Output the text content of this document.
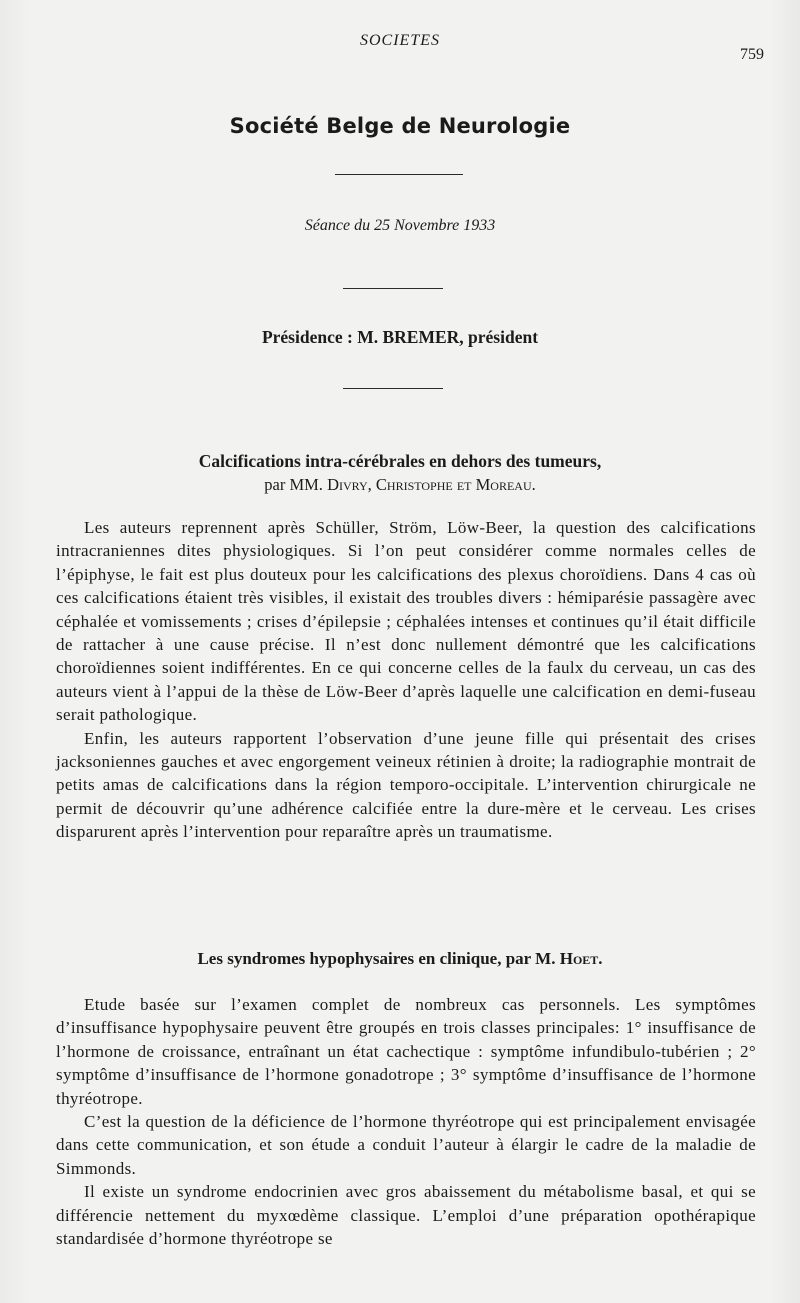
SOCIETES
759
Société Belge de Neurologie
Séance du 25 Novembre 1933
Présidence : M. BREMER, président
Calcifications intra-cérébrales en dehors des tumeurs,
par MM. Divry, Christophe et Moreau.

Les auteurs reprennent après Schüller, Ström, Löw-Beer, la question des calcifications intracraniennes dites physiologiques. Si l’on peut considérer comme normales celles de l’épiphyse, le fait est plus douteux pour les calcifications des plexus choroïdiens. Dans 4 cas où ces calcifications étaient très visibles, il existait des troubles divers : hémiparésie passagère avec céphalée et vomissements ; crises d’épilepsie ; céphalées intenses et continues qu’il était difficile de rattacher à une cause précise. Il n’est donc nullement démontré que les calcifications choroïdiennes soient indifférentes. En ce qui concerne celles de la faulx du cerveau, un cas des auteurs vient à l’appui de la thèse de Löw-Beer d’après laquelle une calcification en demi-fuseau serait pathologique.

Enfin, les auteurs rapportent l’observation d’une jeune fille qui présentait des crises jacksoniennes gauches et avec engorgement veineux rétinien à droite; la radiographie montrait de petits amas de calcifications dans la région temporo-occipitale. L’intervention chirurgicale ne permit de découvrir qu’une adhérence calcifiée entre la dure-mère et le cerveau. Les crises disparurent après l’intervention pour reparaître après un traumatisme.

Les syndromes hypophysaires en clinique, par M. Hoet.

Etude basée sur l’examen complet de nombreux cas personnels. Les symptômes d’insuffisance hypophysaire peuvent être groupés en trois classes principales: 1° insuffisance de l’hormone de croissance, entraînant un état cachectique : symptôme infundibulo-tubérien ; 2° symptôme d’insuffisance de l’hormone gonadotrope ; 3° symptôme d’insuffisance de l’hormone thyréotrope.

C’est la question de la déficience de l’hormone thyréotrope qui est principalement envisagée dans cette communication, et son étude a conduit l’auteur à élargir le cadre de la maladie de Simmonds.

Il existe un syndrome endocrinien avec gros abaissement du métabolisme basal, et qui se différencie nettement du myxœdème classique. L’emploi d’une préparation opothérapique standardisée d’hormone thyréotrope se
